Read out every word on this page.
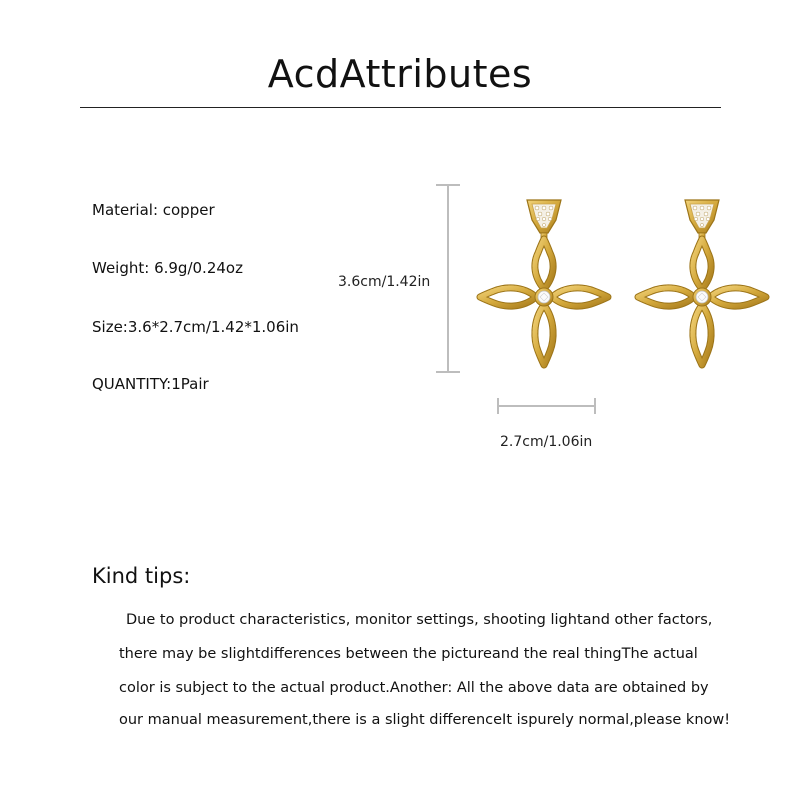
AcdAttributes
Material: copper
Weight: 6.9g/0.24oz
Size:3.6*2.7cm/1.42*1.06in
QUANTITY:1Pair
3.6cm/1.42in
2.7cm/1.06in
Kind tips:
Due to product characteristics, monitor settings, shooting lightand other factors,
there may be slightdifferences between the pictureand the real thingThe actual
color is subject to the actual product.Another: All the above data are obtained by
our manual measurement,there is a slight differenceIt ispurely normal,please know!
